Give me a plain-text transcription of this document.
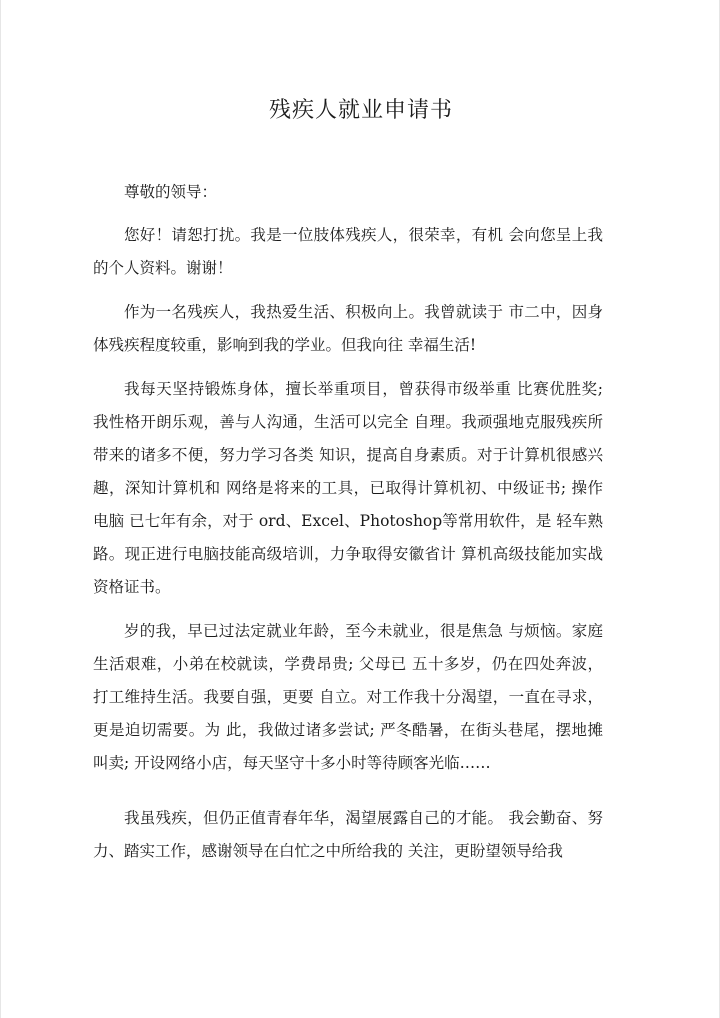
残疾人就业申请书

尊敬的领导：

您好！请恕打扰。我是一位肢体残疾人，很荣幸，有机 会向您呈上我的个人资料。谢谢！

作为一名残疾人，我热爱生活、积极向上。我曾就读于 市二中，因身体残疾程度较重，影响到我的学业。但我向往 幸福生活!

我每天坚持锻炼身体，擅长举重项目，曾获得市级举重 比赛优胜奖; 我性格开朗乐观，善与人沟通，生活可以完全 自理。我顽强地克服残疾所带来的诸多不便，努力学习各类 知识，提高自身素质。对于计算机很感兴趣，深知计算机和 网络是将来的工具，已取得计算机初、中级证书; 操作电脑 已七年有余，对于 ord、Excel、Photoshop等常用软件，是 轻车熟路。现正进行电脑技能高级培训，力争取得安徽省计 算机高级技能加实战资格证书。

岁的我，早已过法定就业年龄，至今未就业，很是焦急 与烦恼。家庭生活艰难，小弟在校就读，学费昂贵; 父母已 五十多岁，仍在四处奔波，打工维持生活。我要自强，更要 自立。对工作我十分渴望，一直在寻求，更是迫切需要。为 此，我做过诸多尝试; 严冬酷暑，在街头巷尾，摆地摊叫卖; 开设网络小店，每天坚守十多小时等待顾客光临……

我虽残疾，但仍正值青春年华，渴望展露自己的才能。 我会勤奋、努力、踏实工作，感谢领导在白忙之中所给我的 关注，更盼望领导给我
